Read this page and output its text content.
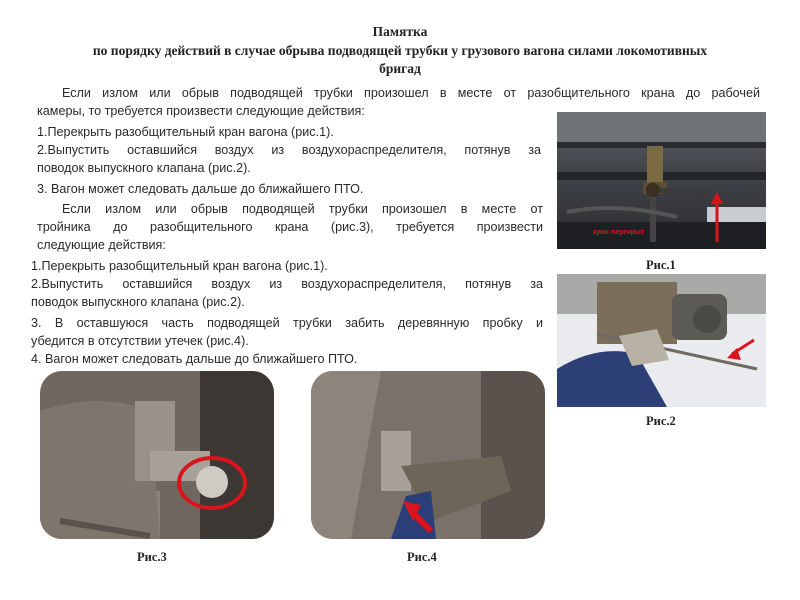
Памятка
по порядку действий в случае обрыва подводящей трубки у грузового вагона силами локомотивных
бригад
Если излом или обрыв подводящей трубки произошел в месте от разобщительного крана до рабочей
камеры, то требуется произвести следующие действия:
1.Перекрыть разобщительный кран вагона (рис.1).
2.Выпустить оставшийся воздух из воздухораспределителя, потянув за
поводок выпускного клапана (рис.2).
3. Вагон может следовать дальше до ближайшего ПТО.
Если излом или обрыв подводящей трубки произошел в месте от
тройника до разобщительного крана (рис.3), требуется произвести
следующие действия:
1.Перекрыть разобщительный кран вагона (рис.1).
2.Выпустить оставшийся воздух из воздухораспределителя, потянув за
поводок выпускного клапана (рис.2).
3. В оставшуюся часть подводящей трубки забить деревянную пробку и
убедится в отсутствии утечек (рис.4).
4. Вагон может следовать дальше до ближайшего ПТО.
кран перекрыт
Рис.1
Рис.2
Рис.3	Рис.4
